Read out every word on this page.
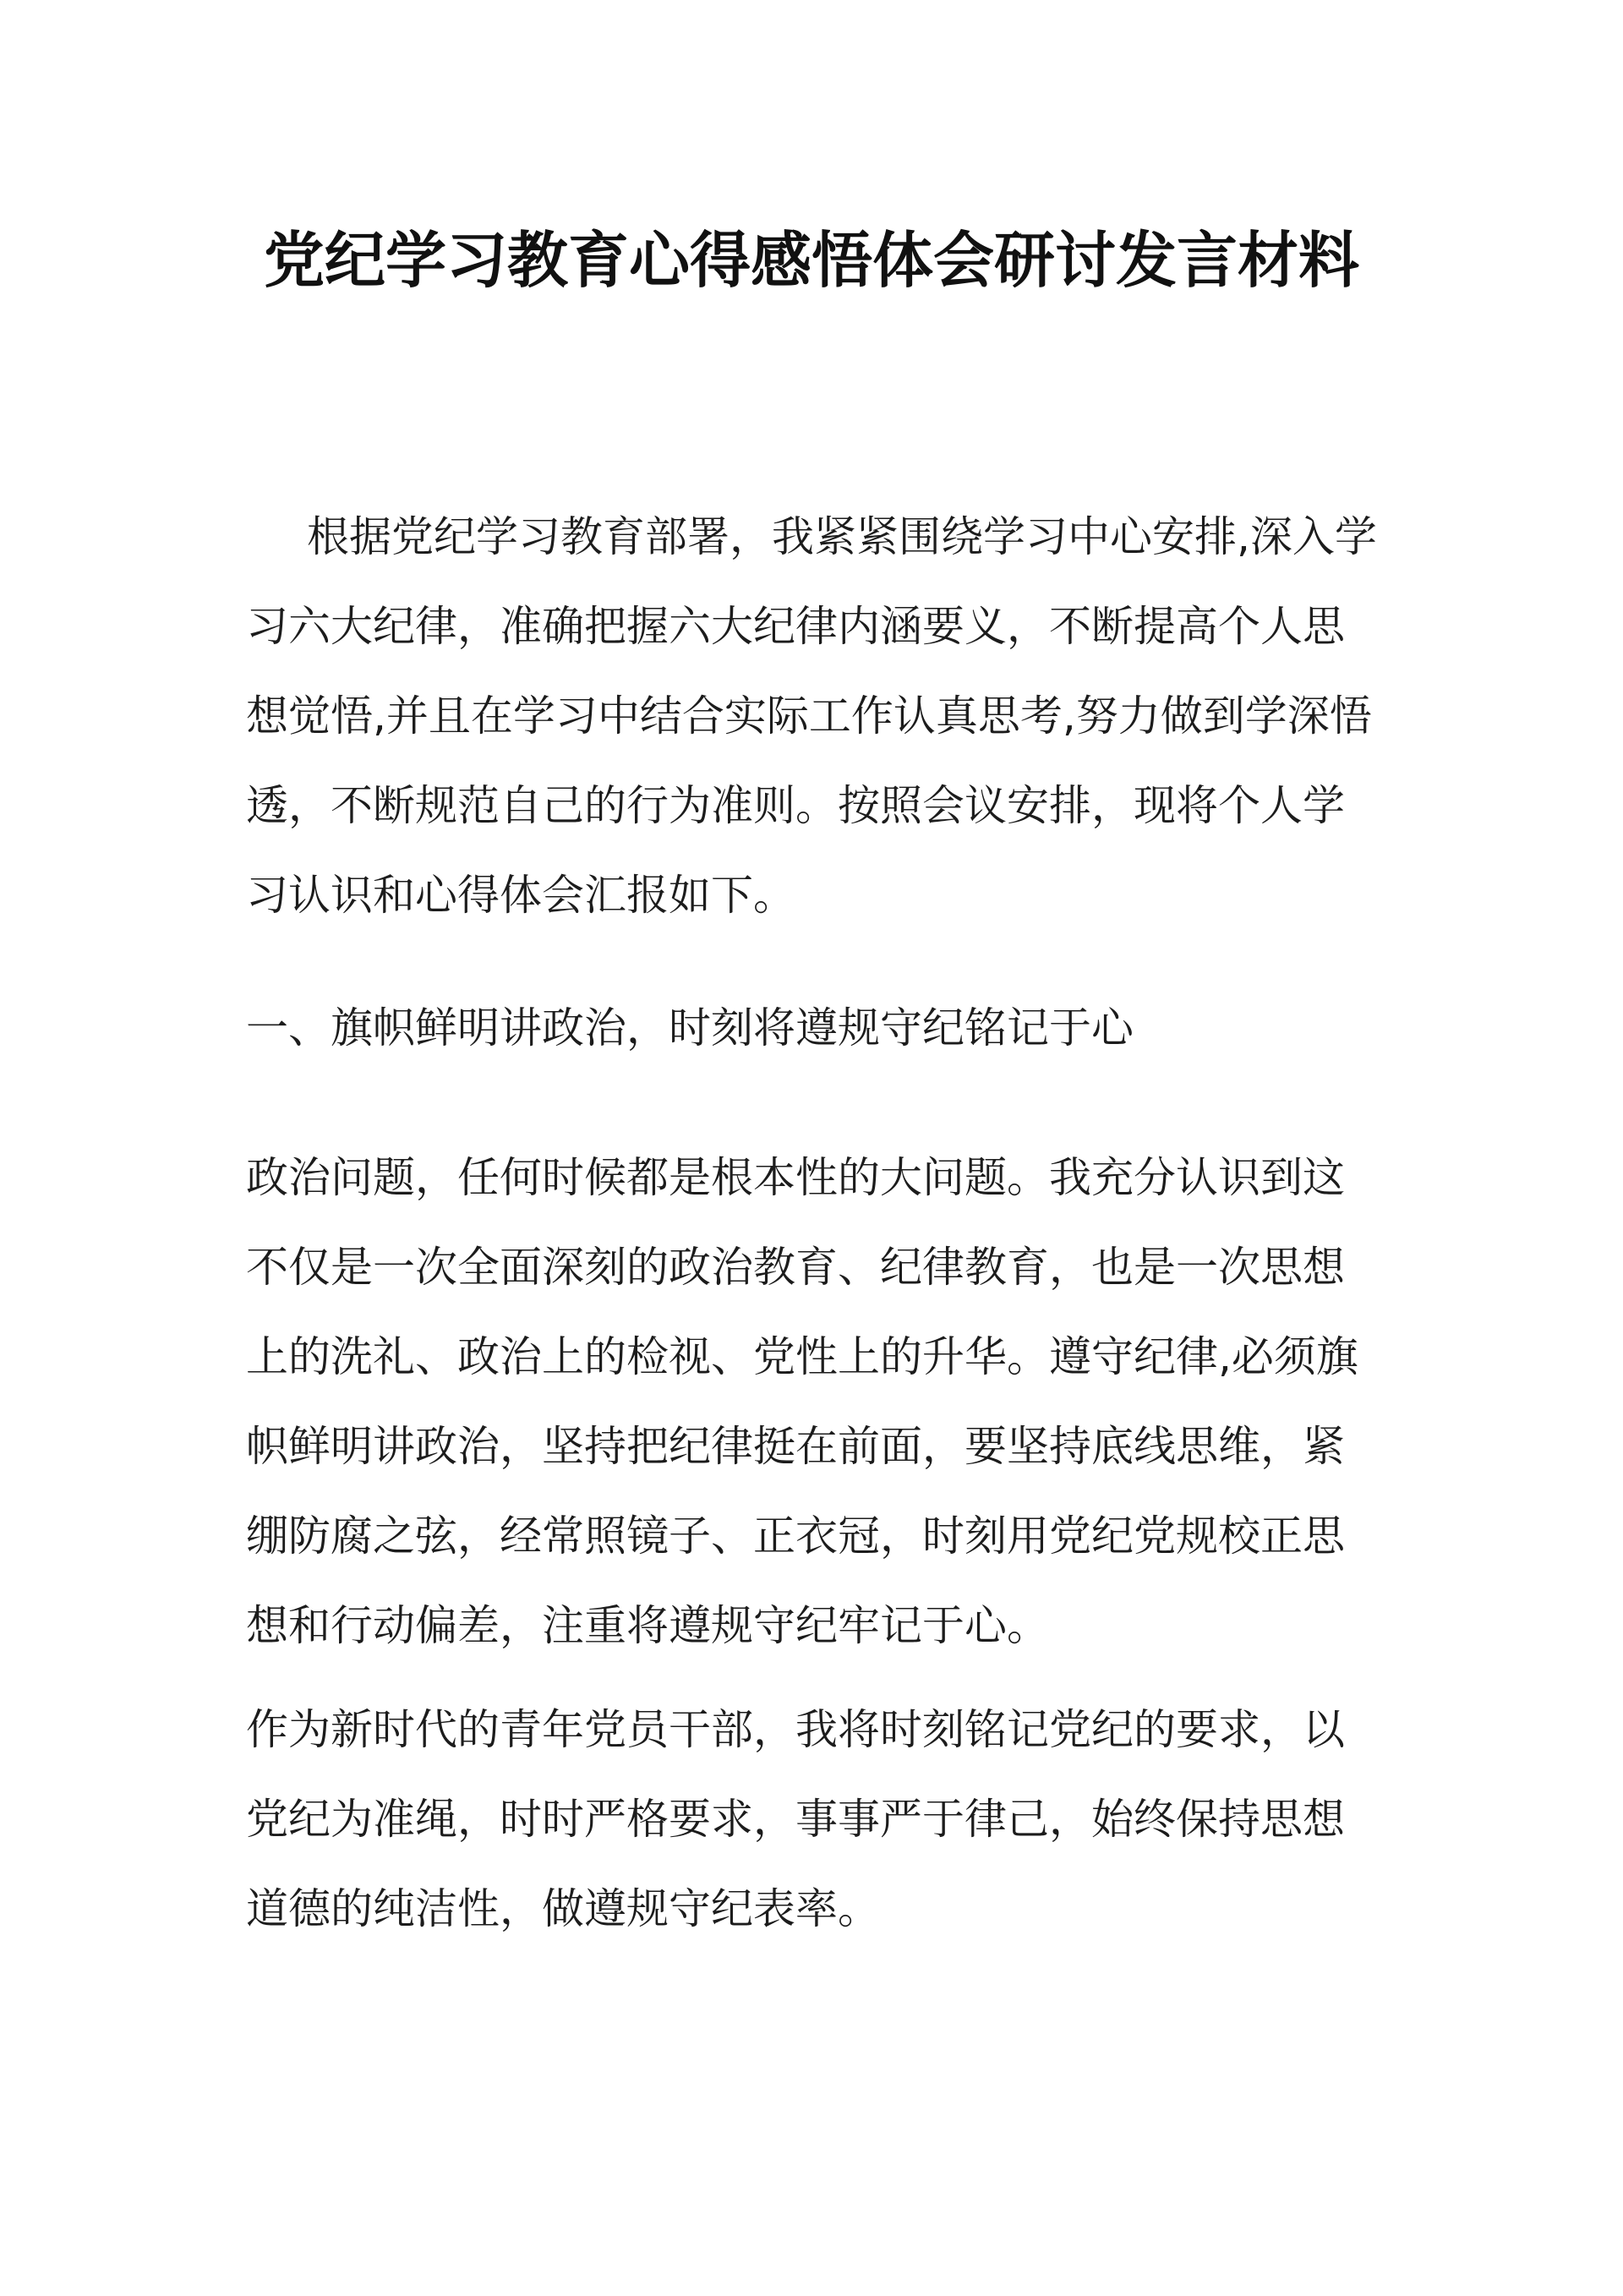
党纪学习教育心得感悟体会研讨发言材料

根据党纪学习教育部署，我紧紧围绕学习中心安排,深入学习六大纪律，准确把握六大纪律内涵要义，不断提高个人思想觉悟,并且在学习中结合实际工作认真思考,努力做到学深悟透，不断规范自己的行为准则。按照会议安排，现将个人学习认识和心得体会汇报如下。

一、旗帜鲜明讲政治，时刻将遵规守纪铭记于心

政治问题，任何时候都是根本性的大问题。我充分认识到这不仅是一次全面深刻的政治教育、纪律教育，也是一次思想上的洗礼、政治上的检视、党性上的升华。遵守纪律,必须旗帜鲜明讲政治，坚持把纪律挺在前面，要坚持底线思维，紧绷防腐之弦，经常照镜子、正衣冠，时刻用党纪党规校正思想和行动偏差，注重将遵规守纪牢记于心。

作为新时代的青年党员干部，我将时刻铭记党纪的要求，以党纪为准绳，时时严格要求，事事严于律己，始终保持思想道德的纯洁性，做遵规守纪表率。
